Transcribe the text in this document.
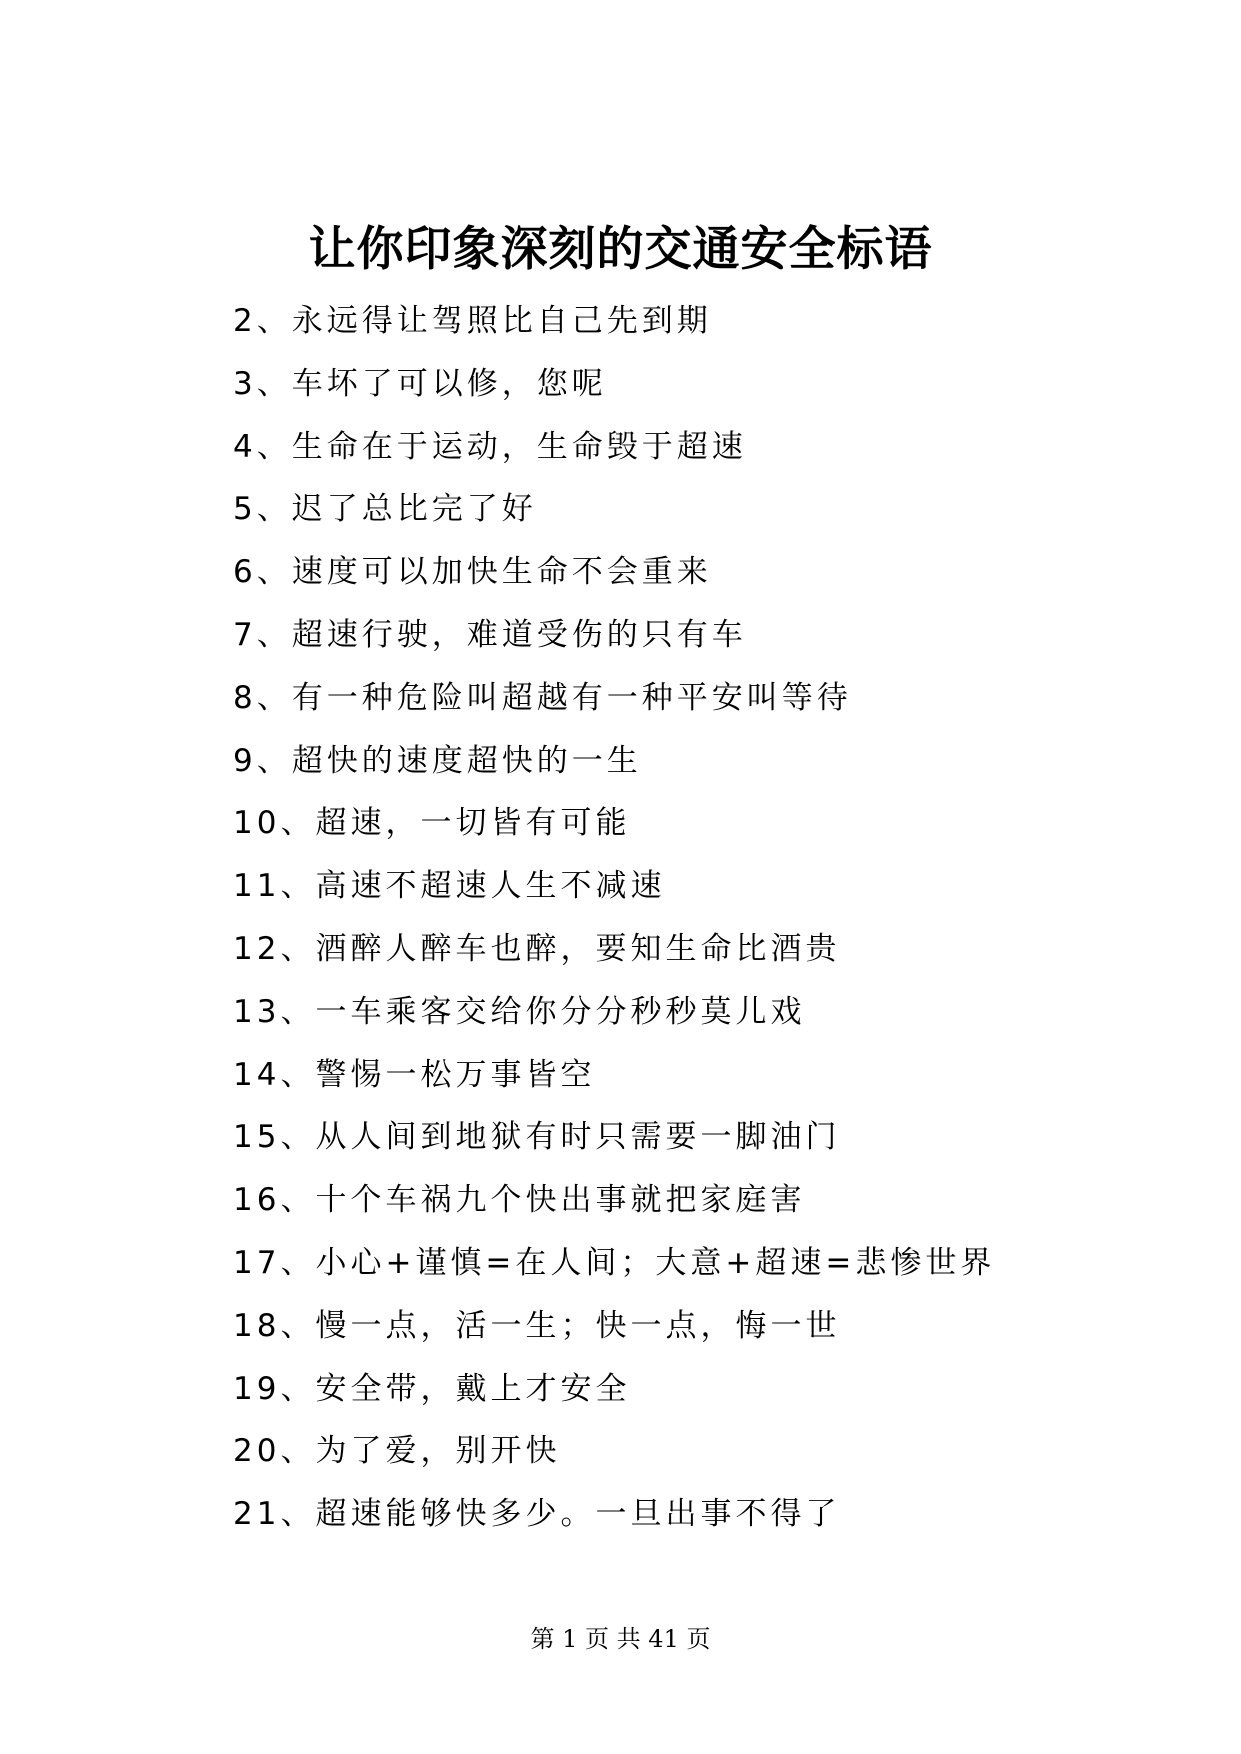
让你印象深刻的交通安全标语
2、永远得让驾照比自己先到期
3、车坏了可以修，您呢
4、生命在于运动，生命毁于超速
5、迟了总比完了好
6、速度可以加快生命不会重来
7、超速行驶，难道受伤的只有车
8、有一种危险叫超越有一种平安叫等待
9、超快的速度超快的一生
10、超速，一切皆有可能
11、高速不超速人生不减速
12、酒醉人醉车也醉，要知生命比酒贵
13、一车乘客交给你分分秒秒莫儿戏
14、警惕一松万事皆空
15、从人间到地狱有时只需要一脚油门
16、十个车祸九个快出事就把家庭害
17、小心+谨慎=在人间；大意+超速=悲惨世界
18、慢一点，活一生；快一点，悔一世
19、安全带，戴上才安全
20、为了爱，别开快
21、超速能够快多少。一旦出事不得了
第 1 页 共 41 页
